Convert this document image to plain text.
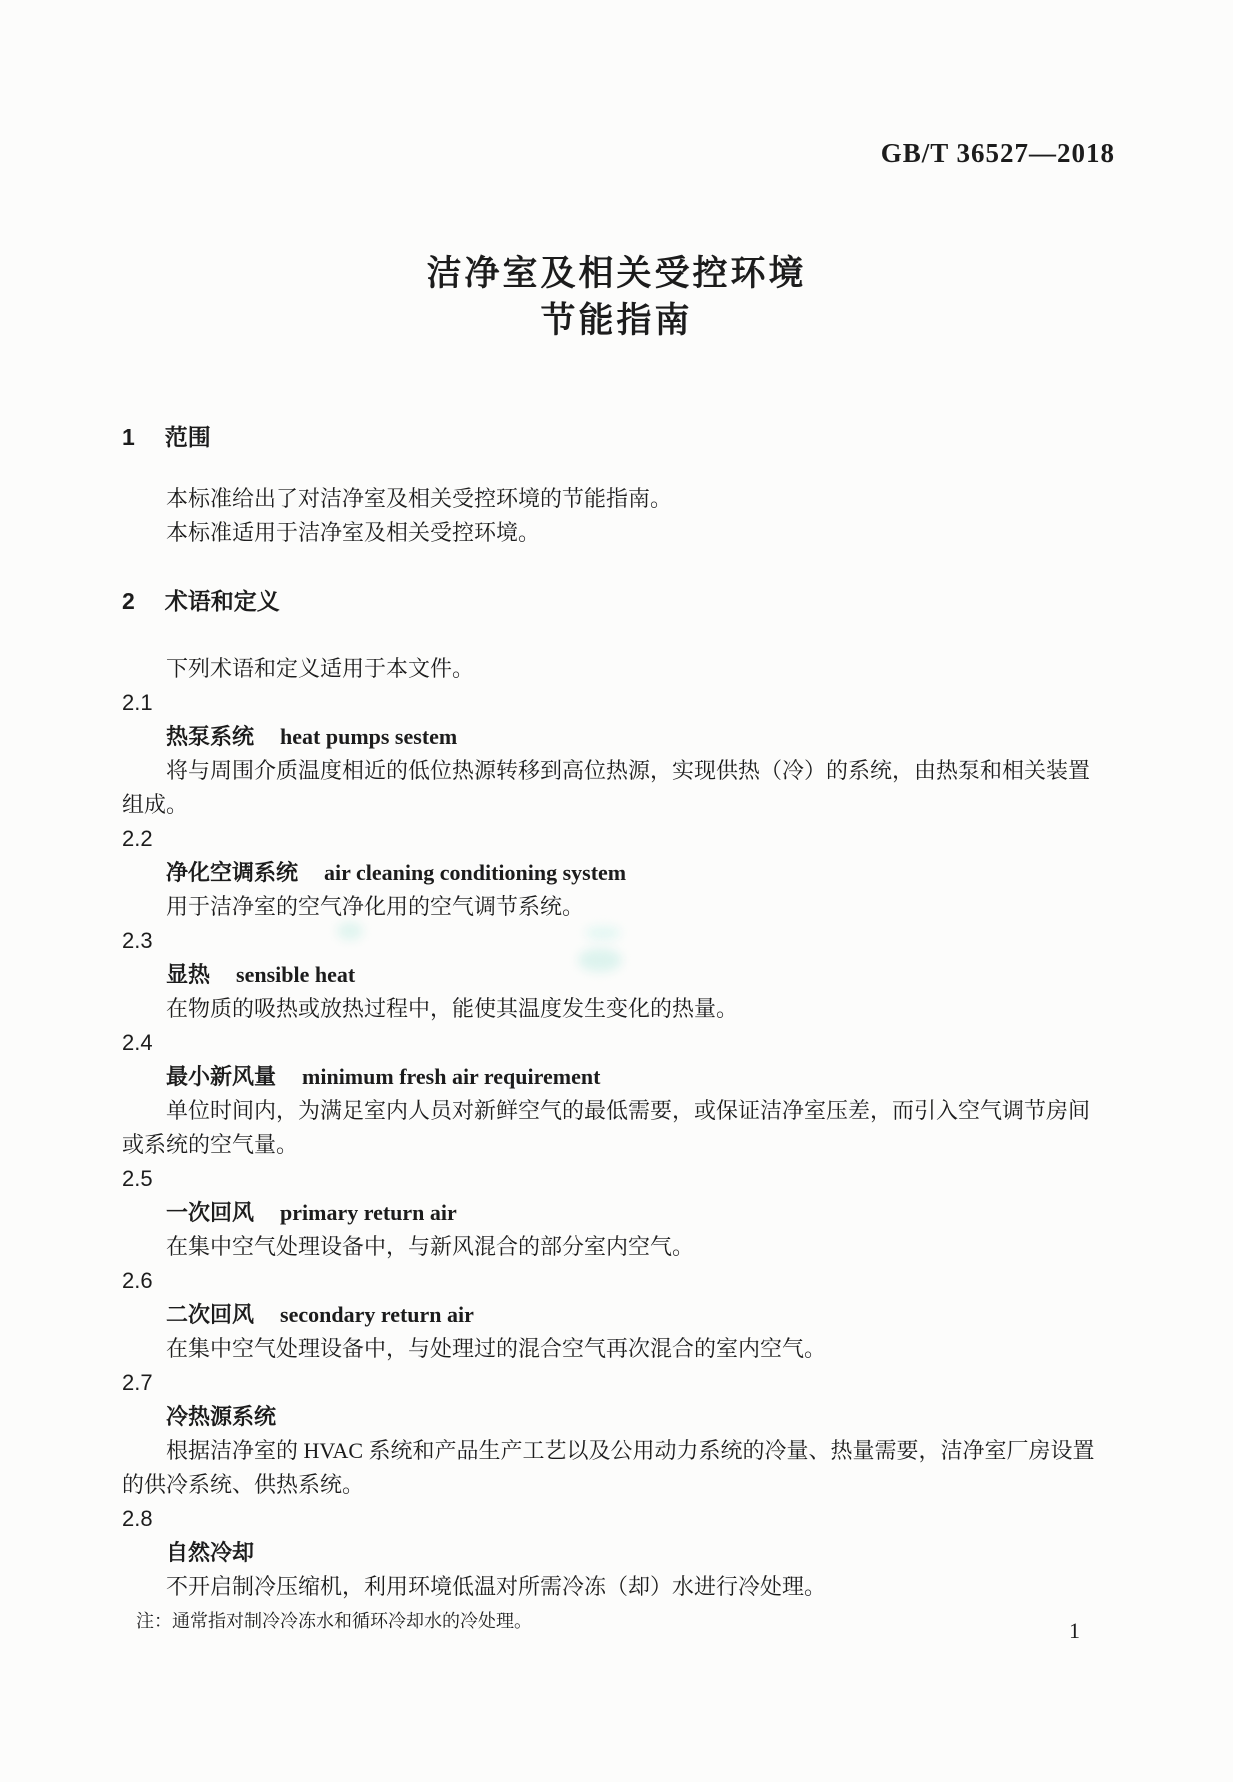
GB/T 36527—2018
洁净室及相关受控环境
节能指南
1 范围

本标准给出了对洁净室及相关受控环境的节能指南。

本标准适用于洁净室及相关受控环境。

2 术语和定义

下列术语和定义适用于本文件。

2.1
热泵系统 heat pumps sestem

将与周围介质温度相近的低位热源转移到高位热源，实现供热（冷）的系统，由热泵和相关装置组成。

2.2
净化空调系统 air cleaning conditioning system

用于洁净室的空气净化用的空气调节系统。

2.3
显热 sensible heat

在物质的吸热或放热过程中，能使其温度发生变化的热量。

2.4
最小新风量 minimum fresh air requirement

单位时间内，为满足室内人员对新鲜空气的最低需要，或保证洁净室压差，而引入空气调节房间或系统的空气量。

2.5
一次回风 primary return air

在集中空气处理设备中，与新风混合的部分室内空气。

2.6
二次回风 secondary return air

在集中空气处理设备中，与处理过的混合空气再次混合的室内空气。

2.7
冷热源系统

根据洁净室的 HVAC 系统和产品生产工艺以及公用动力系统的冷量、热量需要，洁净室厂房设置的供冷系统、供热系统。

2.8
自然冷却

不开启制冷压缩机，利用环境低温对所需冷冻（却）水进行冷处理。

注：通常指对制冷冷冻水和循环冷却水的冷处理。	1
